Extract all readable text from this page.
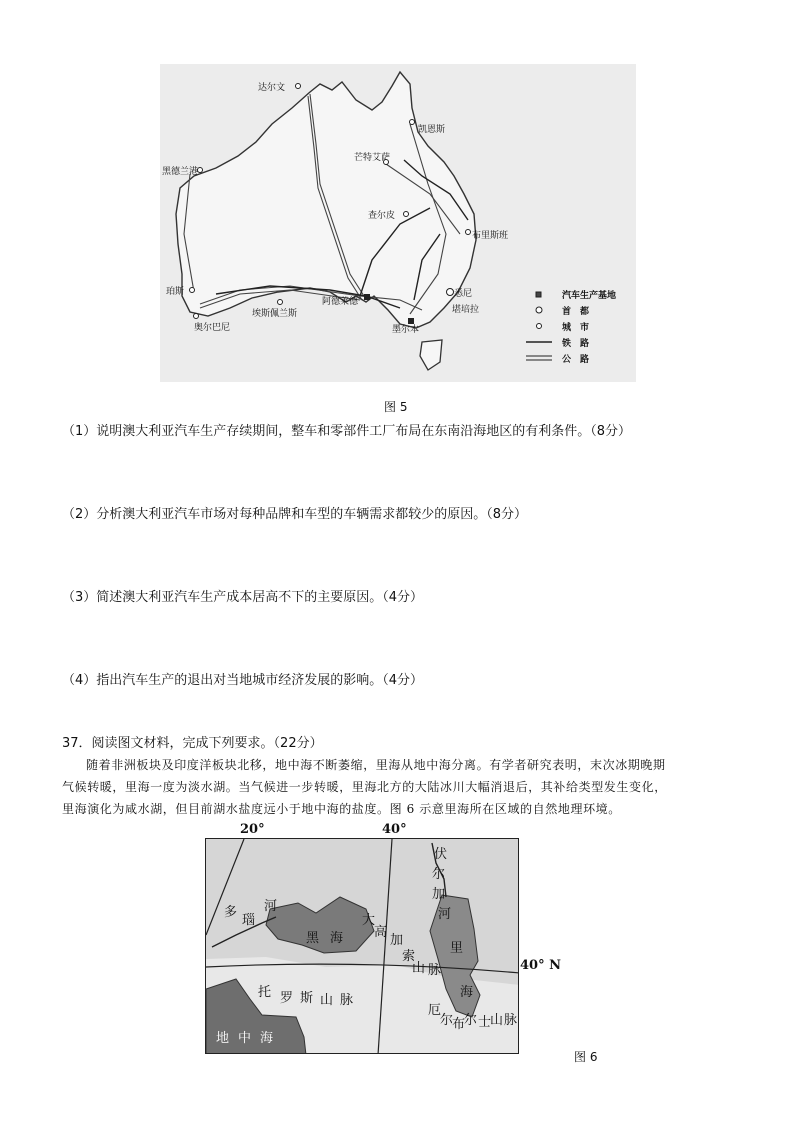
达尔文
凯恩斯
芒特艾萨
黑德兰港
查尔皮
布里斯班
珀斯
奥尔巴尼
埃斯佩兰斯
阿德莱德
悉尼
堪培拉
墨尔本
汽车生产基地
首　都
城　市
铁　路
公　路
图 5
（1）说明澳大利亚汽车生产存续期间，整车和零部件工厂布局在东南沿海地区的有利条件。（8分）
（2）分析澳大利亚汽车市场对每种品牌和车型的车辆需求都较少的原因。（8分）
（3）简述澳大利亚汽车生产成本居高不下的主要原因。（4分）
（4）指出汽车生产的退出对当地城市经济发展的影响。（4分）
37．阅读图文材料，完成下列要求。（22分）
随着非洲板块及印度洋板块北移，地中海不断萎缩，里海从地中海分离。有学者研究表明，末次冰期晚期
气候转暖，里海一度为淡水湖。当气候进一步转暖，里海北方的大陆冰川大幅消退后，其补给类型发生变化，
里海演化为咸水湖，但目前湖水盐度远小于地中海的盐度。图 6 示意里海所在区域的自然地理环境。
20°	40°
多
瑙
河
伏
尔
加
河
黑 海
大
高
加
索
山 脉
里
海
托 罗 斯 山 脉
厄
尔
布
尔 士
山 脉
地 中 海
40° N
图 6
